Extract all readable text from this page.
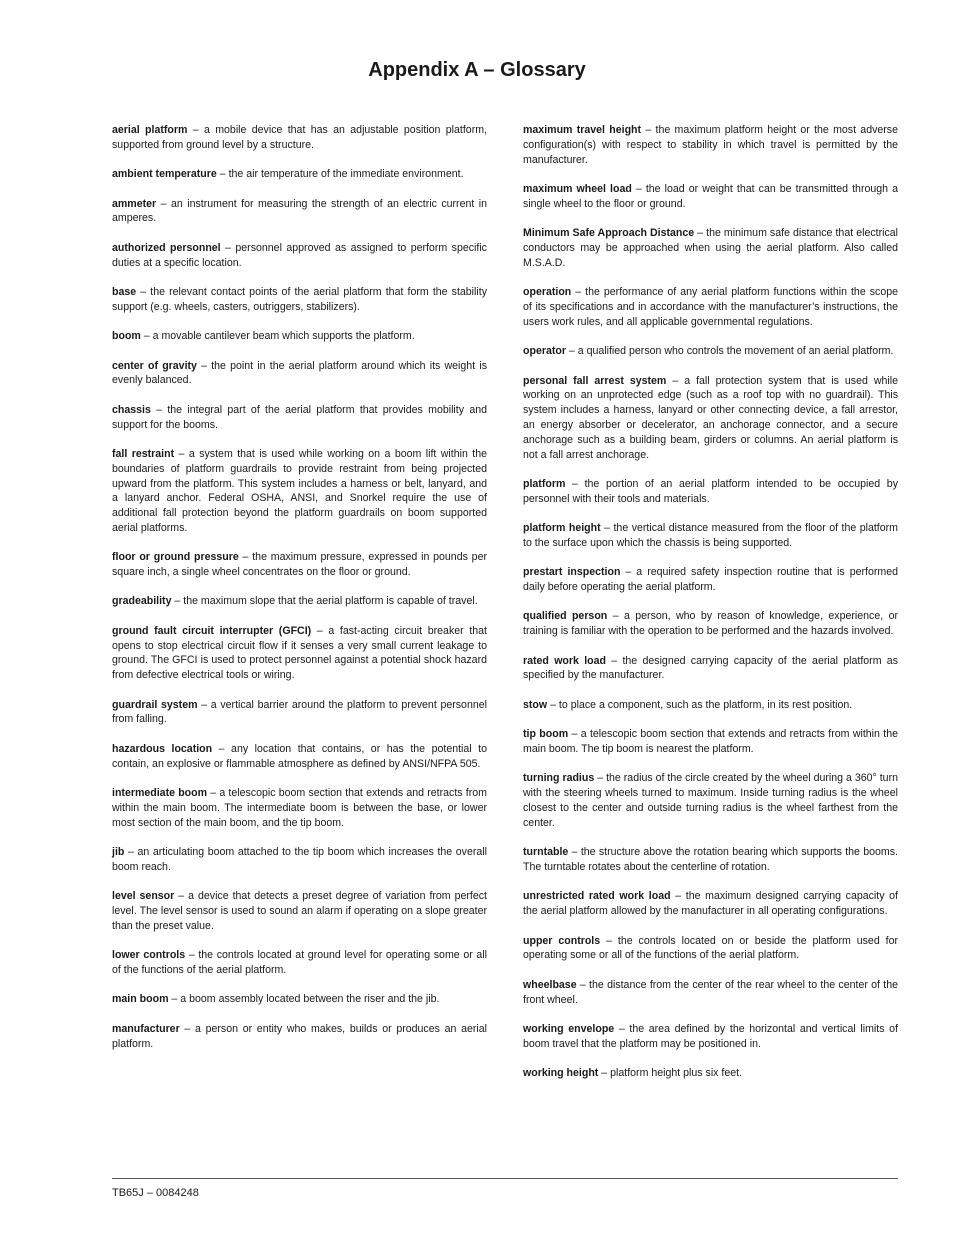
Appendix A – Glossary

aerial platform – a mobile device that has an adjustable position platform, supported from ground level by a structure.

ambient temperature – the air temperature of the immediate environment.

ammeter – an instrument for measuring the strength of an electric current in amperes.

authorized personnel – personnel approved as assigned to perform specific duties at a specific location.

base – the relevant contact points of the aerial platform that form the stability support (e.g. wheels, casters, outriggers, stabilizers).

boom – a movable cantilever beam which supports the platform.

center of gravity – the point in the aerial platform around which its weight is evenly balanced.

chassis – the integral part of the aerial platform that provides mobility and support for the booms.

fall restraint – a system that is used while working on a boom lift within the boundaries of platform guardrails to provide restraint from being projected upward from the platform. This system includes a harness or belt, lanyard, and a lanyard anchor. Federal OSHA, ANSI, and Snorkel require the use of additional fall protection beyond the platform guardrails on boom supported aerial platforms.

floor or ground pressure – the maximum pressure, expressed in pounds per square inch, a single wheel concentrates on the floor or ground.

gradeability – the maximum slope that the aerial platform is capable of travel.

ground fault circuit interrupter (GFCI) – a fast-acting circuit breaker that opens to stop electrical circuit flow if it senses a very small current leakage to ground. The GFCI is used to protect personnel against a potential shock hazard from defective electrical tools or wiring.

guardrail system – a vertical barrier around the platform to prevent personnel from falling.

hazardous location – any location that contains, or has the potential to contain, an explosive or flammable atmosphere as defined by ANSI/NFPA 505.

intermediate boom – a telescopic boom section that extends and retracts from within the main boom. The intermediate boom is between the base, or lower most section of the main boom, and the tip boom.

jib – an articulating boom attached to the tip boom which increases the overall boom reach.

level sensor – a device that detects a preset degree of variation from perfect level. The level sensor is used to sound an alarm if operating on a slope greater than the preset value.

lower controls – the controls located at ground level for operating some or all of the functions of the aerial platform.

main boom – a boom assembly located between the riser and the jib.

manufacturer – a person or entity who makes, builds or produces an aerial platform.

maximum travel height – the maximum platform height or the most adverse configuration(s) with respect to stability in which travel is permitted by the manufacturer.

maximum wheel load – the load or weight that can be transmitted through a single wheel to the floor or ground.

Minimum Safe Approach Distance – the minimum safe distance that electrical conductors may be approached when using the aerial platform. Also called M.S.A.D.

operation – the performance of any aerial platform functions within the scope of its specifications and in accordance with the manufacturer’s instructions, the users work rules, and all applicable governmental regulations.

operator – a qualified person who controls the movement of an aerial platform.

personal fall arrest system – a fall protection system that is used while working on an unprotected edge (such as a roof top with no guardrail). This system includes a harness, lanyard or other connecting device, a fall arrestor, an energy absorber or decelerator, an anchorage connector, and a secure anchorage such as a building beam, girders or columns. An aerial platform is not a fall arrest anchorage.

platform – the portion of an aerial platform intended to be occupied by personnel with their tools and materials.

platform height – the vertical distance measured from the floor of the platform to the surface upon which the chassis is being supported.

prestart inspection – a required safety inspection routine that is performed daily before operating the aerial platform.

qualified person – a person, who by reason of knowledge, experience, or training is familiar with the operation to be performed and the hazards involved.

rated work load – the designed carrying capacity of the aerial platform as specified by the manufacturer.

stow – to place a component, such as the platform, in its rest position.

tip boom – a telescopic boom section that extends and retracts from within the main boom. The tip boom is nearest the platform.

turning radius – the radius of the circle created by the wheel during a 360° turn with the steering wheels turned to maximum. Inside turning radius is the wheel closest to the center and outside turning radius is the wheel farthest from the center.

turntable – the structure above the rotation bearing which supports the booms. The turntable rotates about the centerline of rotation.

unrestricted rated work load – the maximum designed carrying capacity of the aerial platform allowed by the manufacturer in all operating configurations.

upper controls – the controls located on or beside the platform used for operating some or all of the functions of the aerial platform.

wheelbase – the distance from the center of the rear wheel to the center of the front wheel.

working envelope – the area defined by the horizontal and vertical limits of boom travel that the platform may be positioned in.

working height – platform height plus six feet.

TB65J – 0084248
